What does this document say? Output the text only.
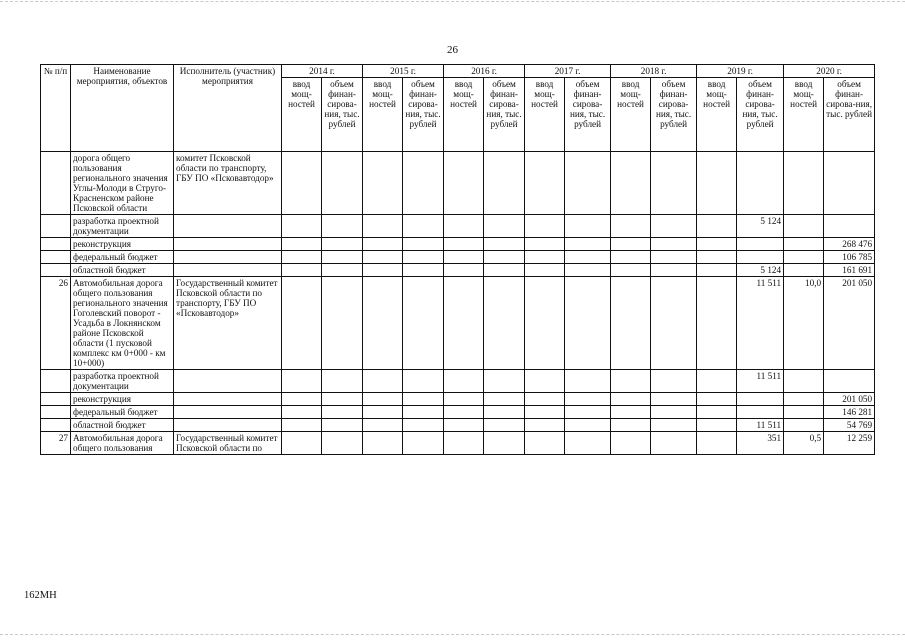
26
№ п/п	Наименование мероприятия, объектов	Исполнитель (участник) мероприятия	2014 г.		2015 г.		2016 г.		2017 г.		2018 г.		2019 г.		2020 г.	
			ввод мощ-ностей	объем финан-сирова-ния, тыс. рублей	ввод мощ-ностей	объем финан-сирова-ния, тыс. рублей	ввод мощ-ностей	объем финан-сирова-ния, тыс. рублей	ввод мощ-ностей	объем финан-сирова-ния, тыс. рублей	ввод мощ-ностей	объем финан-сирова-ния, тыс. рублей	ввод мощ-ностей	объем финан-сирова-ния, тыс. рублей	ввод мощ-ностей	объем финан-сирова-ния, тыс. рублей
	дорога общего пользования регионального значения Углы-Молоди в Струго-Красненском районе Псковской области	комитет Псковской области по транспорту, ГБУ ПО «Псковавтодор»														
	разработка проектной документации													5 124		
	реконструкция															268 476
	федеральный бюджет															106 785
	областной бюджет													5 124		161 691
26	Автомобильная дорога общего пользования регионального значения Гоголевский поворот - Усадьба в Локнянском районе Псковской области (1 пусковой комплекс км 0+000 - км 10+000)	Государственный комитет Псковской области по транспорту, ГБУ ПО «Псковавтодор»												11 511	10,0	201 050
	разработка проектной документации													11 511		
	реконструкция															201 050
	федеральный бюджет															146 281
	областной бюджет													11 511		54 769
27	Автомобильная дорога общего пользования	Государственный комитет Псковской области по												351	0,5	12 259
162МН
